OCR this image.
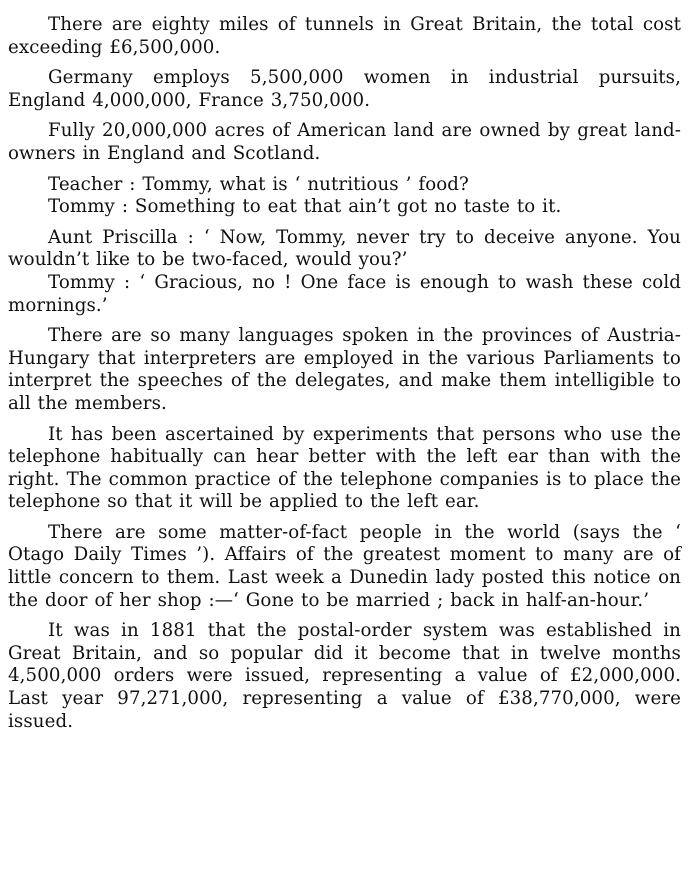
There are eighty miles of tunnels in Great Britain, the total cost exceeding £6,500,000.

Germany employs 5,500,000 women in industrial pursuits, England 4,000,000, France 3,750,000.

Fully 20,000,000 acres of American land are owned by great land-owners in England and Scotland.

Teacher : Tommy, what is ‘ nutritious ’ food?

Tommy : Something to eat that ain’t got no taste to it.

Aunt Priscilla : ‘ Now, Tommy, never try to deceive anyone. You wouldn’t like to be two-faced, would you?’

Tommy : ‘ Gracious, no ! One face is enough to wash these cold mornings.’

There are so many languages spoken in the provinces of Austria-Hungary that interpreters are employed in the various Parliaments to interpret the speeches of the delegates, and make them intelligible to all the members.

It has been ascertained by experiments that persons who use the telephone habitually can hear better with the left ear than with the right. The common practice of the telephone companies is to place the telephone so that it will be applied to the left ear.

There are some matter-of-fact people in the world (says the ‘ Otago Daily Times ’). Affairs of the greatest moment to many are of little concern to them. Last week a Dunedin lady posted this notice on the door of her shop :—‘ Gone to be married ; back in half-an-hour.’

It was in 1881 that the postal-order system was established in Great Britain, and so popular did it become that in twelve months 4,500,000 orders were issued, representing a value of £2,000,000. Last year 97,271,000, representing a value of £38,770,000, were issued.
